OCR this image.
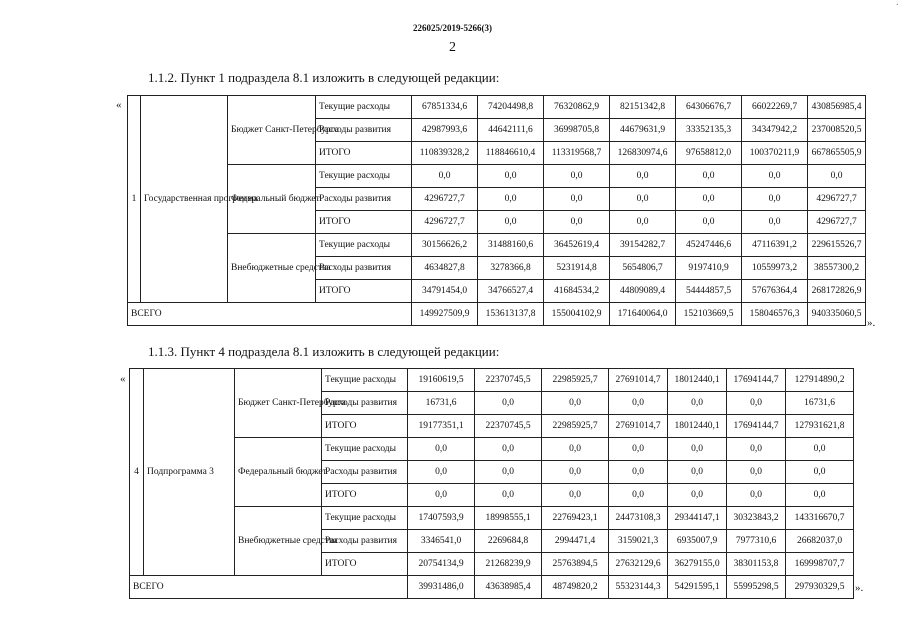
·
226025/2019-5266(3)
2
1.1.2. Пункт 1 подраздела 8.1 изложить в следующей редакции:
«
1	Государственная программа	Бюджет Санкт-Петербурга	Текущие расходы	67851334,6	74204498,8	76320862,9	82151342,8	64306676,7	66022269,7	430856985,4
			Расходы развития	42987993,6	44642111,6	36998705,8	44679631,9	33352135,3	34347942,2	237008520,5
			ИТОГО	110839328,2	118846610,4	113319568,7	126830974,6	97658812,0	100370211,9	667865505,9
		Федеральный бюджет	Текущие расходы	0,0	0,0	0,0	0,0	0,0	0,0	0,0
			Расходы развития	4296727,7	0,0	0,0	0,0	0,0	0,0	4296727,7
			ИТОГО	4296727,7	0,0	0,0	0,0	0,0	0,0	4296727,7
		Внебюджетные средства	Текущие расходы	30156626,2	31488160,6	36452619,4	39154282,7	45247446,6	47116391,2	229615526,7
			Расходы развития	4634827,8	3278366,8	5231914,8	5654806,7	9197410,9	10559973,2	38557300,2
			ИТОГО	34791454,0	34766527,4	41684534,2	44809089,4	54444857,5	57676364,4	268172826,9
ВСЕГО				149927509,9	153613137,8	155004102,9	171640064,0	152103669,5	158046576,3	940335060,5
».
1.1.3. Пункт 4 подраздела 8.1 изложить в следующей редакции:
«
4	Подпрограмма 3	Бюджет Санкт-Петербурга	Текущие расходы	19160619,5	22370745,5	22985925,7	27691014,7	18012440,1	17694144,7	127914890,2
			Расходы развития	16731,6	0,0	0,0	0,0	0,0	0,0	16731,6
			ИТОГО	19177351,1	22370745,5	22985925,7	27691014,7	18012440,1	17694144,7	127931621,8
		Федеральный бюджет	Текущие расходы	0,0	0,0	0,0	0,0	0,0	0,0	0,0
			Расходы развития	0,0	0,0	0,0	0,0	0,0	0,0	0,0
			ИТОГО	0,0	0,0	0,0	0,0	0,0	0,0	0,0
		Внебюджетные средства	Текущие расходы	17407593,9	18998555,1	22769423,1	24473108,3	29344147,1	30323843,2	143316670,7
			Расходы развития	3346541,0	2269684,8	2994471,4	3159021,3	6935007,9	7977310,6	26682037,0
			ИТОГО	20754134,9	21268239,9	25763894,5	27632129,6	36279155,0	38301153,8	169998707,7
ВСЕГО				39931486,0	43638985,4	48749820,2	55323144,3	54291595,1	55995298,5	297930329,5 ».
